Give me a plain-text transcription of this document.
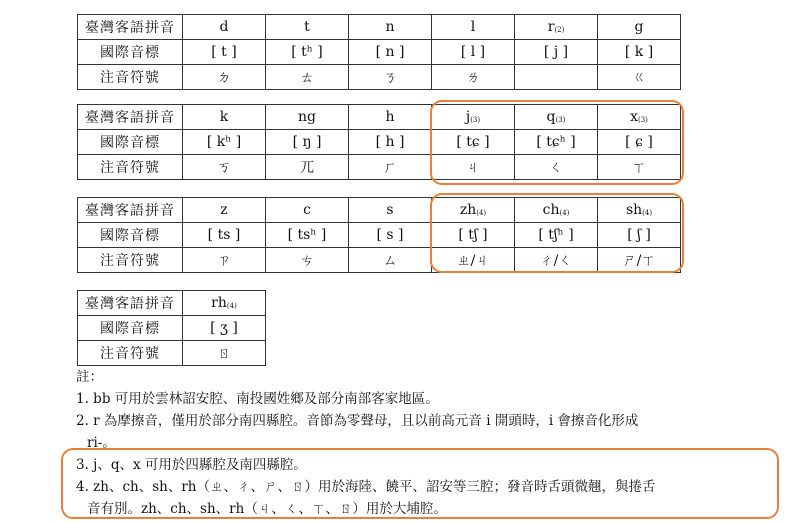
臺灣客語拼音	d	t	n	l	$r_{(2)}$	g
國際音標	[ t ]	[ tʰ ]	[ n ]	[ l ]	[ j ]	[ k ]
注音符號	ㄉ	ㄊ	ㄋ	ㄌ		ㄍ
臺灣客語拼音	k	ng	h	$j_{(3)}$	$q_{(3)}$	$x_{(3)}$
國際音標	[ kʰ ]	[ ŋ ]	[ h ]	[ tɕ ]	[ tɕʰ ]	[ ɕ ]
注音符號	ㄎ	ㄫ	ㄏ	ㄐ	ㄑ	ㄒ
臺灣客語拼音	z	c	s	$zh_{(4)}$	$ch_{(4)}$	$sh_{(4)}$
國際音標	[ ts ]	[ tsʰ ]	[ s ]	[ tʃ ]	[ tʃʰ ]	[ ʃ ]
注音符號	ㄗ	ㄘ	ㄙ	ㄓ/ㄐ	ㄔ/ㄑ	ㄕ/ㄒ
臺灣客語拼音	$rh_{(4)}$
國際音標	[ ʒ ]
注音符號	ㄖ

註：

1. bb 可用於雲林詔安腔、南投國姓鄉及部分南部客家地區。

2. r 為摩擦音，僅用於部分南四縣腔。音節為零聲母，且以前高元音 i 開頭時，i 會擦音化形成

ri-。

3. j、q、x 可用於四縣腔及南四縣腔。

4. zh、ch、sh、rh（ㄓ、ㄔ、ㄕ、ㄖ）用於海陸、饒平、詔安等三腔；發音時舌頭微翹，與捲舌

音有別。zh、ch、sh、rh（ㄐ、ㄑ、ㄒ、ㄖ）用於大埔腔。
